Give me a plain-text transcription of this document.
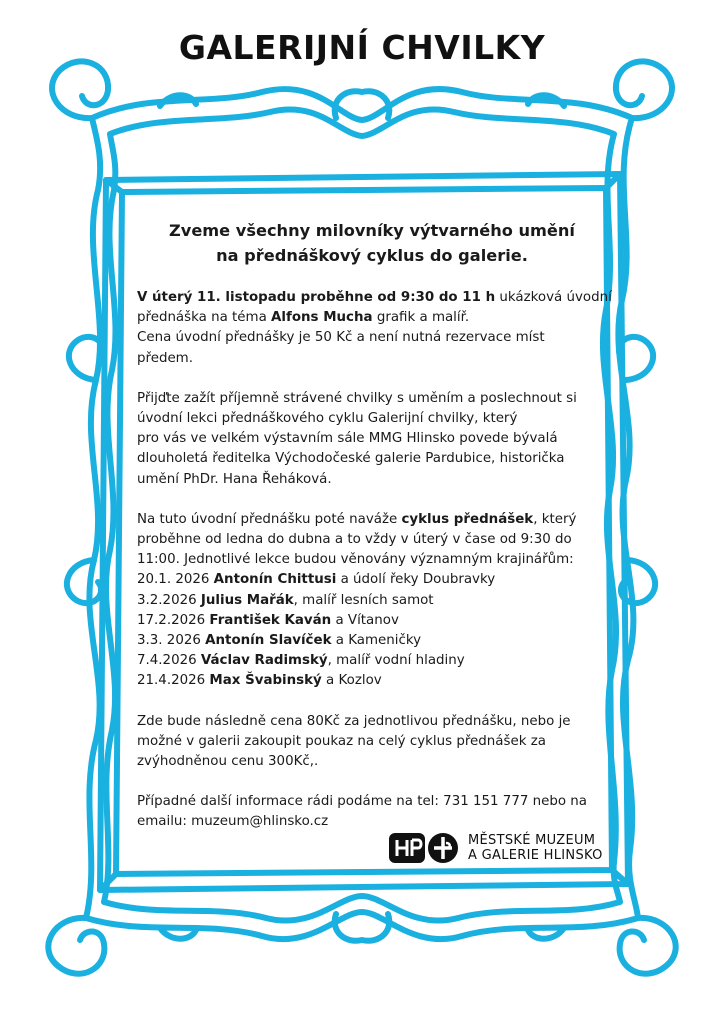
GALERIJNÍ CHVILKY
Zveme všechny milovníky výtvarného umění
na přednáškový cyklus do galerie.

V úterý 11. listopadu proběhne od 9:30 do 11 h ukázková úvodní
přednáška na téma Alfons Mucha grafik a malíř.
Cena úvodní přednášky je 50 Kč a není nutná rezervace míst
předem.

Přijďte zažít příjemně strávené chvilky s uměním a poslechnout si
úvodní lekci přednáškového cyklu Galerijní chvilky, který
pro vás ve velkém výstavním sále MMG Hlinsko povede bývalá
dlouholetá ředitelka Východočeské galerie Pardubice, historička
umění PhDr. Hana Řeháková.

Na tuto úvodní přednášku poté naváže cyklus přednášek, který
proběhne od ledna do dubna a to vždy v úterý v čase od 9:30 do
11:00. Jednotlivé lekce budou věnovány významným krajinářům:
20.1. 2026 Antonín Chittusi a údolí řeky Doubravky
3.2.2026 Julius Mařák, malíř lesních samot
17.2.2026 František Kaván a Vítanov
3.3. 2026 Antonín Slavíček a Kameničky
7.4.2026 Václav Radimský, malíř vodní hladiny
21.4.2026 Max Švabinský a Kozlov

Zde bude následně cena 80Kč za jednotlivou přednášku, nebo je
možné v galerii zakoupit poukaz na celý cyklus přednášek za
zvýhodněnou cenu 300Kč,.

Případné další informace rádi podáme na tel: 731 151 777 nebo na
emailu: muzeum@hlinsko.cz

MĚSTSKÉ MUZEUM
A GALERIE HLINSKO
